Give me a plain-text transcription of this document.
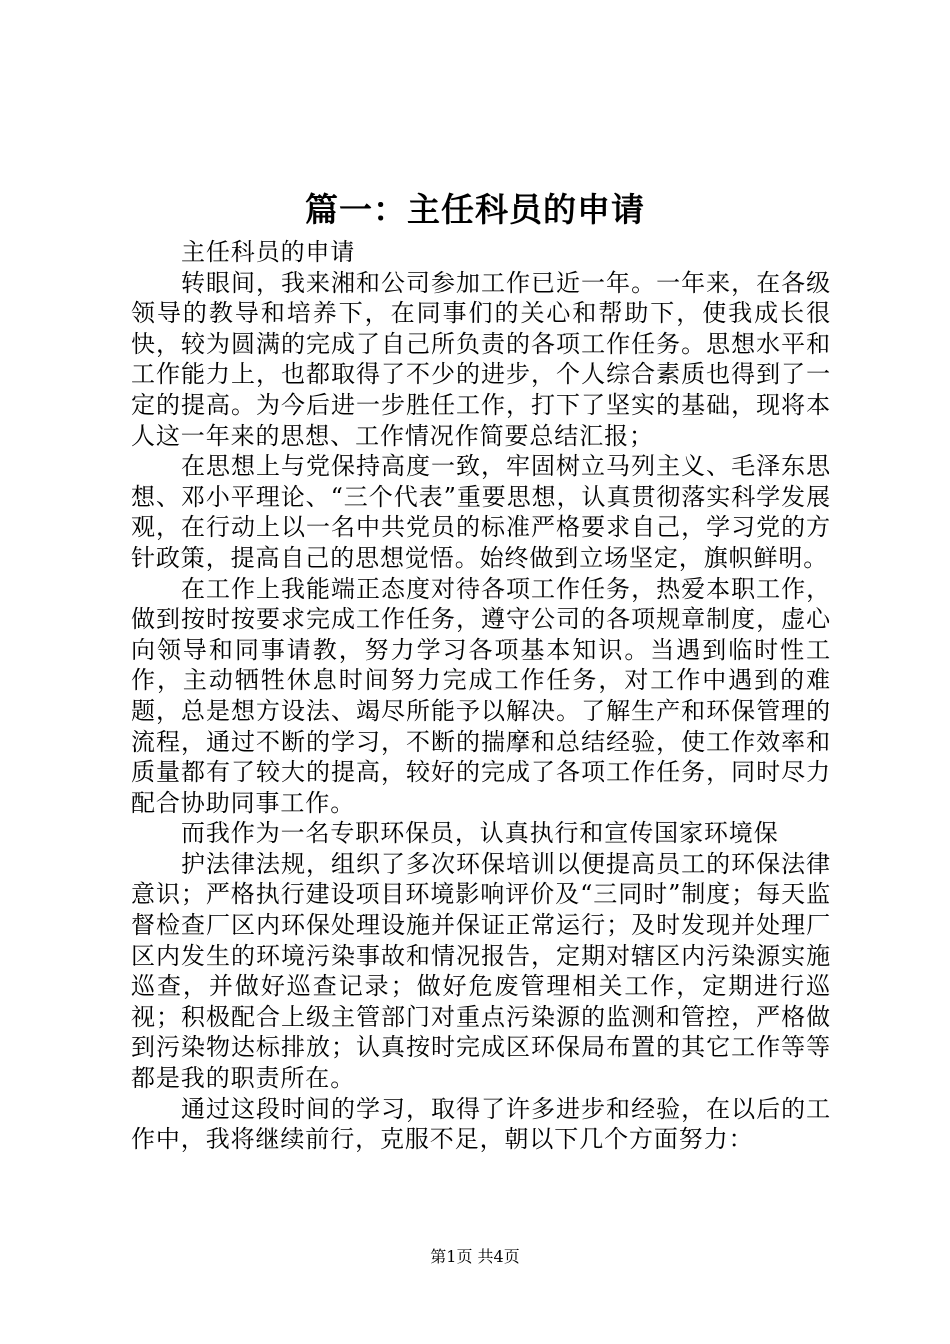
篇一：主任科员的申请

主任科员的申请

转眼间，我来湘和公司参加工作已近一年。一年来，在各级领导的教导和培养下，在同事们的关心和帮助下，使我成长很快，较为圆满的完成了自己所负责的各项工作任务。思想水平和工作能力上，也都取得了不少的进步，个人综合素质也得到了一定的提高。为今后进一步胜任工作，打下了坚实的基础，现将本人这一年来的思想、工作情况作简要总结汇报；

在思想上与党保持高度一致，牢固树立马列主义、毛泽东思想、邓小平理论、“三个代表”重要思想，认真贯彻落实科学发展观，在行动上以一名中共党员的标准严格要求自己，学习党的方针政策，提高自己的思想觉悟。始终做到立场坚定，旗帜鲜明。

在工作上我能端正态度对待各项工作任务，热爱本职工作，做到按时按要求完成工作任务，遵守公司的各项规章制度，虚心向领导和同事请教，努力学习各项基本知识。当遇到临时性工作，主动牺牲休息时间努力完成工作任务，对工作中遇到的难题，总是想方设法、竭尽所能予以解决。了解生产和环保管理的流程，通过不断的学习，不断的揣摩和总结经验，使工作效率和质量都有了较大的提高，较好的完成了各项工作任务，同时尽力配合协助同事工作。

而我作为一名专职环保员，认真执行和宣传国家环境保

护法律法规，组织了多次环保培训以便提高员工的环保法律意识；严格执行建设项目环境影响评价及“三同时”制度；每天监督检查厂区内环保处理设施并保证正常运行；及时发现并处理厂区内发生的环境污染事故和情况报告，定期对辖区内污染源实施巡查，并做好巡查记录；做好危废管理相关工作，定期进行巡视；积极配合上级主管部门对重点污染源的监测和管控，严格做到污染物达标排放；认真按时完成区环保局布置的其它工作等等都是我的职责所在。

通过这段时间的学习，取得了许多进步和经验，在以后的工作中，我将继续前行，克服不足，朝以下几个方面努力：

第1页 共4页
